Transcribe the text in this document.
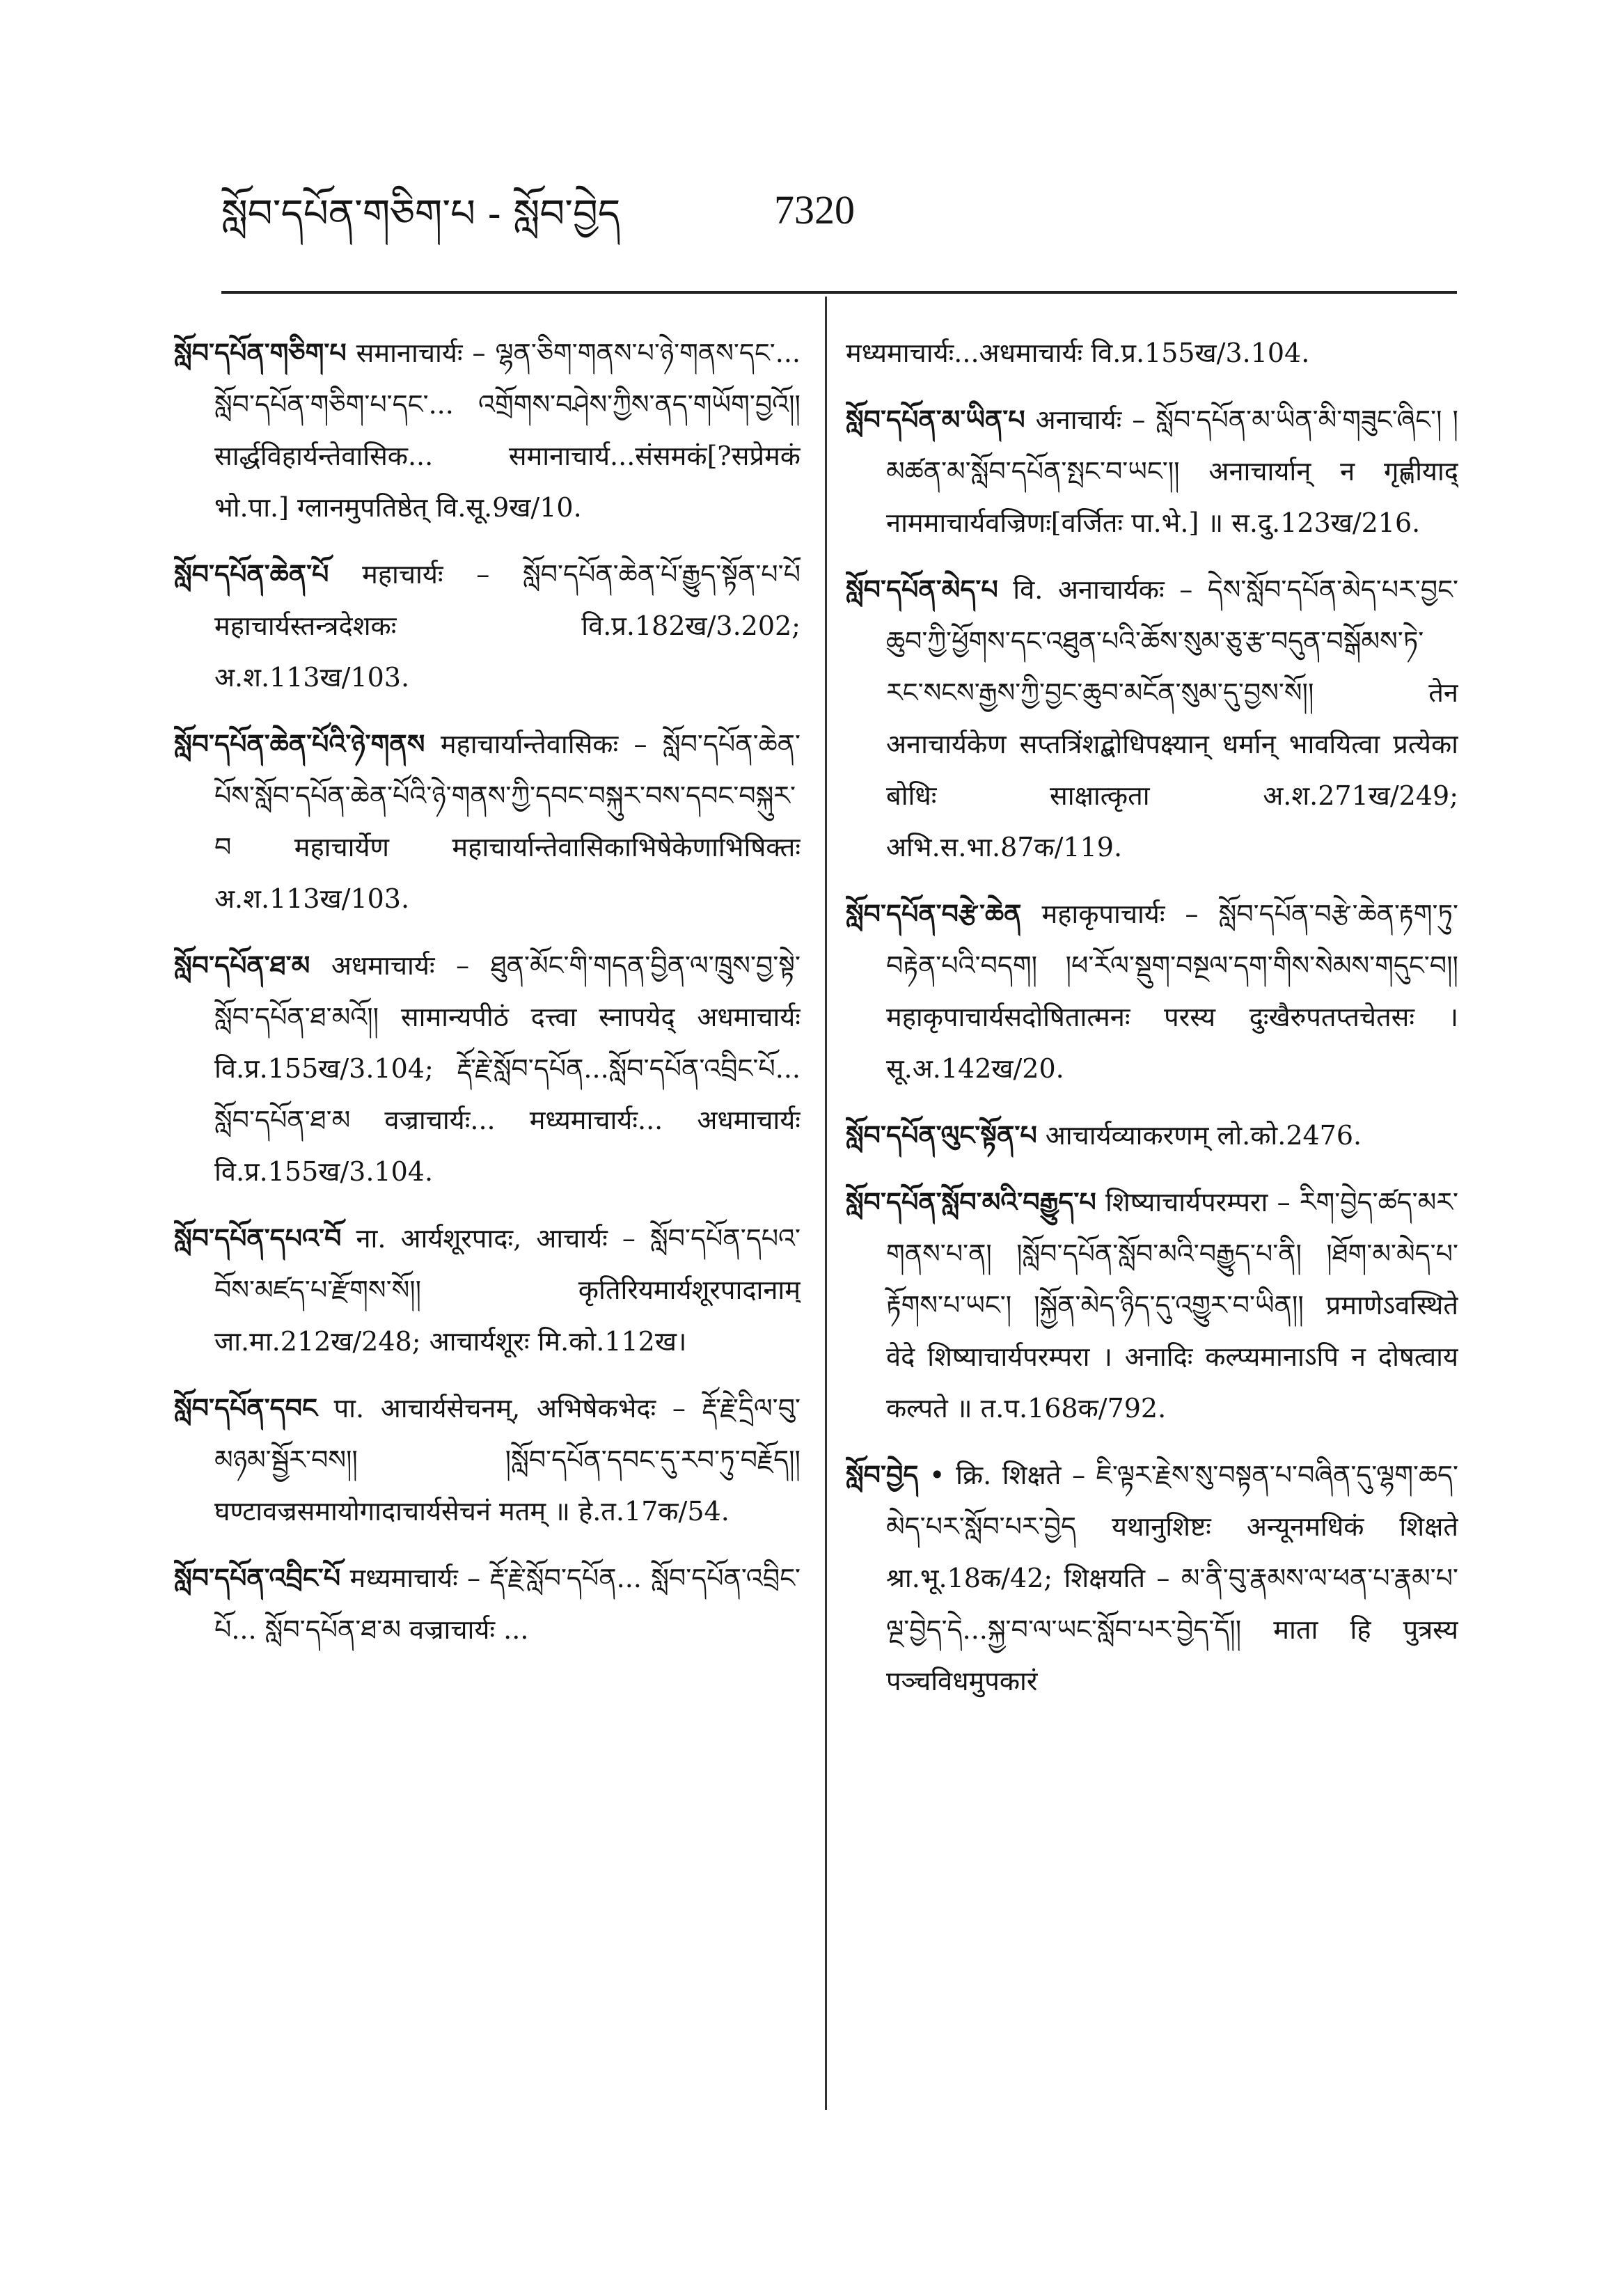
སློབ་དཔོན་གཅིག་པ - སློབ་བྱེད	7320

སློབ་དཔོན་གཅིག་པ समानाचार्यः – ལྷན་ཅིག་གནས་པ་ཉེ་གནས་དང་... སློབ་དཔོན་གཅིག་པ་དང་... འགྲོགས་བཤེས་ཀྱིས་ནད་གཡོག་བྱའོ།། सार्द्धविहार्यन्तेवासिक... समानाचार्य...संसमकं[?सप्रेमकं भो.पा.] ग्लानमुपतिष्ठेत् वि.सू.9ख/10.

སློབ་དཔོན་ཆེན་པོ महाचार्यः – སློབ་དཔོན་ཆེན་པོ་རྒྱུད་སྟོན་པ་པོ महाचार्यस्तन्त्रदेशकः वि.प्र.182ख/3.202; अ.श.113ख/103.

སློབ་དཔོན་ཆེན་པོའི་ཉེ་གནས महाचार्यान्तेवासिकः – སློབ་དཔོན་ཆེན་པོས་སློབ་དཔོན་ཆེན་པོའི་ཉེ་གནས་ཀྱི་དབང་བསྐུར་བས་དབང་བསྐུར་བ महाचार्येण महाचार्यान्तेवासिकाभिषेकेणाभिषिक्तः अ.श.113ख/103.

སློབ་དཔོན་ཐ་མ अधमाचार्यः – ཐུན་མོང་གི་གདན་བྱིན་ལ་ཁྲུས་བྱ་སྟེ་སློབ་དཔོན་ཐ་མའོ།། सामान्यपीठं दत्त्वा स्नापयेद् अधमाचार्यः वि.प्र.155ख/3.104; རྡོ་རྗེ་སློབ་དཔོན...སློབ་དཔོན་འབྲིང་པོ... སློབ་དཔོན་ཐ་མ वज्राचार्यः... मध्यमाचार्यः... अधमाचार्यः वि.प्र.155ख/3.104.

སློབ་དཔོན་དཔའ་བོ ना. आर्यशूरपादः, आचार्यः – སློབ་དཔོན་དཔའ་བོས་མཛད་པ་རྫོགས་སོ།། कृतिरियमार्यशूरपादानाम् जा.मा.212ख/248; आचार्यशूरः मि.को.112ख।

སློབ་དཔོན་དབང पा. आचार्यसेचनम्, अभिषेकभेदः – རྡོ་རྗེ་དྲིལ་བུ་མཉམ་སྦྱོར་བས།། །སློབ་དཔོན་དབང་དུ་རབ་ཏུ་བརྗོད།། घण्टावज्रसमायोगादाचार्यसेचनं मतम् ॥ हे.त.17क/54.

སློབ་དཔོན་འབྲིང་པོ मध्यमाचार्यः – རྡོ་རྗེ་སློབ་དཔོན... སློབ་དཔོན་འབྲིང་པོ... སློབ་དཔོན་ཐ་མ वज्राचार्यः ...

मध्यमाचार्यः...अधमाचार्यः वि.प्र.155ख/3.104.

སློབ་དཔོན་མ་ཡིན་པ अनाचार्यः – སློབ་དཔོན་མ་ཡིན་མི་གཟུང་ཞིང་། །མཚན་མ་སློབ་དཔོན་སྤང་བ་ཡང་།། अनाचार्यान् न गृह्णीयाद् नाममाचार्यवज्रिणः[वर्जितः पा.भे.] ॥ स.दु.123ख/216.

སློབ་དཔོན་མེད་པ वि. अनाचार्यकः – དེས་སློབ་དཔོན་མེད་པར་བྱང་ཆུབ་ཀྱི་ཕྱོགས་དང་འཐུན་པའི་ཆོས་སུམ་ཅུ་རྩ་བདུན་བསྒོམས་ཏེ་རང་སངས་རྒྱས་ཀྱི་བྱང་ཆུབ་མངོན་སུམ་དུ་བྱས་སོ།། तेन अनाचार्यकेण सप्तत्रिंशद्बोधिपक्ष्यान् धर्मान् भावयित्वा प्रत्येका बोधिः साक्षात्कृता अ.श.271ख/249; अभि.स.भा.87क/119.

སློབ་དཔོན་བརྩེ་ཆེན महाकृपाचार्यः – སློབ་དཔོན་བརྩེ་ཆེན་རྟག་ཏུ་བརྟེན་པའི་བདག། །ཕ་རོལ་སྡུག་བསྔལ་དག་གིས་སེམས་གདུང་བ།། महाकृपाचार्यसदोषितात्मनः परस्य दुःखैरुपतप्तचेतसः । सू.अ.142ख/20.

སློབ་དཔོན་ལུང་སྟོན་པ आचार्यव्याकरणम् लो.को.2476.

སློབ་དཔོན་སློབ་མའི་བརྒྱུད་པ शिष्याचार्यपरम्परा – རིག་བྱེད་ཚད་མར་གནས་པ་ན། །སློབ་དཔོན་སློབ་མའི་བརྒྱུད་པ་ནི། །ཐོག་མ་མེད་པ་རྟོགས་པ་ཡང་། །སྐྱོན་མེད་ཉིད་དུ་འགྱུར་བ་ཡིན།། प्रमाणेऽवस्थिते वेदे शिष्याचार्यपरम्परा । अनादिः कल्प्यमानाऽपि न दोषत्वाय कल्पते ॥ त.प.168क/792.

སློབ་བྱེད • क्रि. शिक्षते – ཇི་ལྟར་རྗེས་སུ་བསྟན་པ་བཞིན་དུ་ལྷག་ཆད་མེད་པར་སློབ་པར་བྱེད यथानुशिष्टः अन्यूनमधिकं शिक्षते श्रा.भू.18क/42; शिक्षयति – མ་ནི་བུ་རྣམས་ལ་ཕན་པ་རྣམ་པ་ལྔ་བྱེད་དེ...སྐྱ་བ་ལ་ཡང་སློབ་པར་བྱེད་དོ།། माता हि पुत्रस्य पञ्चविधमुपकारं
